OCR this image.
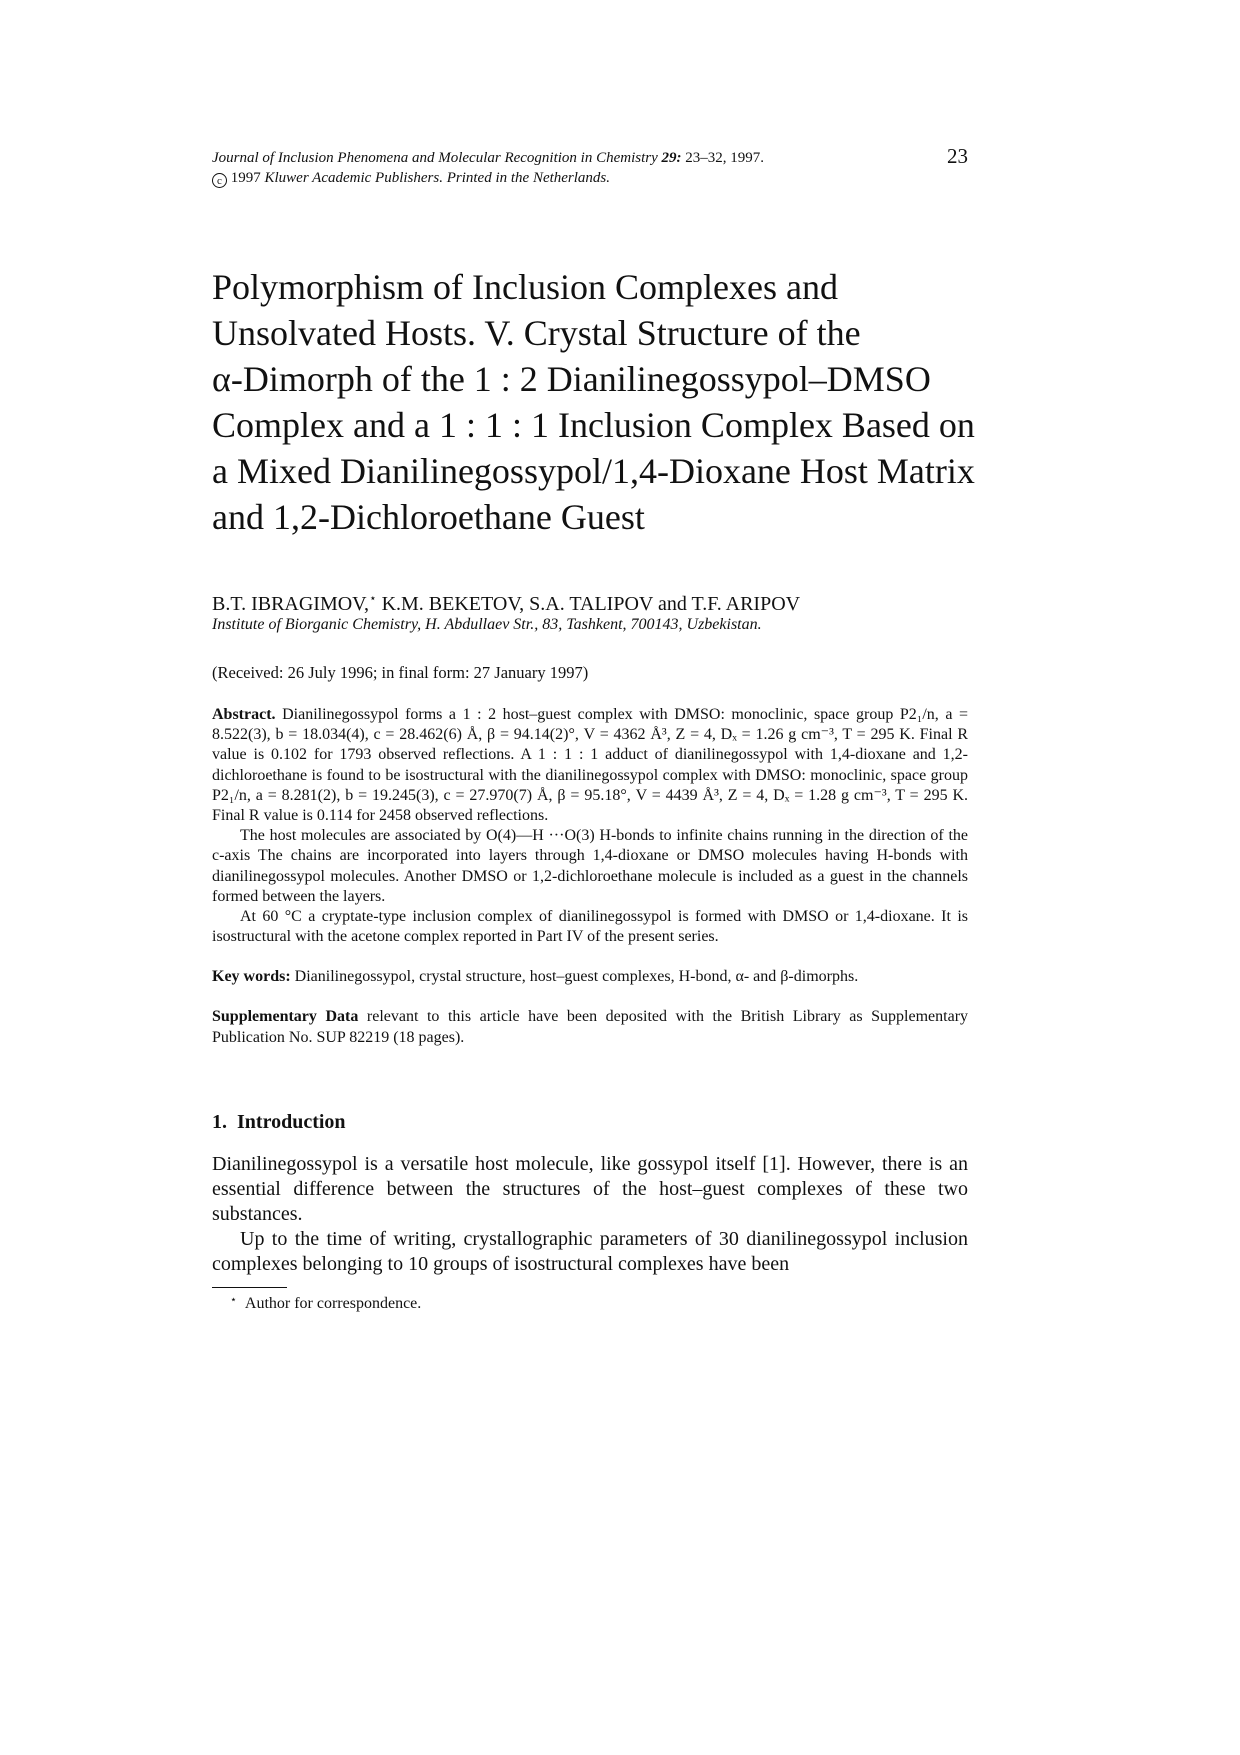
Journal of Inclusion Phenomena and Molecular Recognition in Chemistry 29: 23–32, 1997.
c 1997 Kluwer Academic Publishers. Printed in the Netherlands.
23
Polymorphism of Inclusion Complexes and
Unsolvated Hosts. V. Crystal Structure of the
α-Dimorph of the 1 : 2 Dianilinegossypol–DMSO
Complex and a 1 : 1 : 1 Inclusion Complex Based on
a Mixed Dianilinegossypol/1,4-Dioxane Host Matrix
and 1,2-Dichloroethane Guest
B.T. IBRAGIMOV,⋆ K.M. BEKETOV, S.A. TALIPOV and T.F. ARIPOV
Institute of Biorganic Chemistry, H. Abdullaev Str., 83, Tashkent, 700143, Uzbekistan.
(Received: 26 July 1996; in final form: 27 January 1997)

Abstract. Dianilinegossypol forms a 1 : 2 host–guest complex with DMSO: monoclinic, space group P2₁/n, a = 8.522(3), b = 18.034(4), c = 28.462(6) Å, β = 94.14(2)°, V = 4362 Å³, Z = 4, Dₓ = 1.26 g cm⁻³, T = 295 K. Final R value is 0.102 for 1793 observed reflections. A 1 : 1 : 1 adduct of dianilinegossypol with 1,4-dioxane and 1,2-dichloroethane is found to be isostructural with the dianilinegossypol complex with DMSO: monoclinic, space group P2₁/n, a = 8.281(2), b = 19.245(3), c = 27.970(7) Å, β = 95.18°, V = 4439 Å³, Z = 4, Dₓ = 1.28 g cm⁻³, T = 295 K. Final R value is 0.114 for 2458 observed reflections.

The host molecules are associated by O(4)—H ···O(3) H-bonds to infinite chains running in the direction of the c-axis The chains are incorporated into layers through 1,4-dioxane or DMSO molecules having H-bonds with dianilinegossypol molecules. Another DMSO or 1,2-dichloroethane molecule is included as a guest in the channels formed between the layers.

At 60 °C a cryptate-type inclusion complex of dianilinegossypol is formed with DMSO or 1,4-dioxane. It is isostructural with the acetone complex reported in Part IV of the present series.

Key words: Dianilinegossypol, crystal structure, host–guest complexes, H-bond, α- and β-dimorphs.
Supplementary Data relevant to this article have been deposited with the British Library as Supplementary Publication No. SUP 82219 (18 pages).
1. Introduction

Dianilinegossypol is a versatile host molecule, like gossypol itself [1]. However, there is an essential difference between the structures of the host–guest complexes of these two substances.

Up to the time of writing, crystallographic parameters of 30 dianilinegossypol inclusion complexes belonging to 10 groups of isostructural complexes have been

⋆ Author for correspondence.
